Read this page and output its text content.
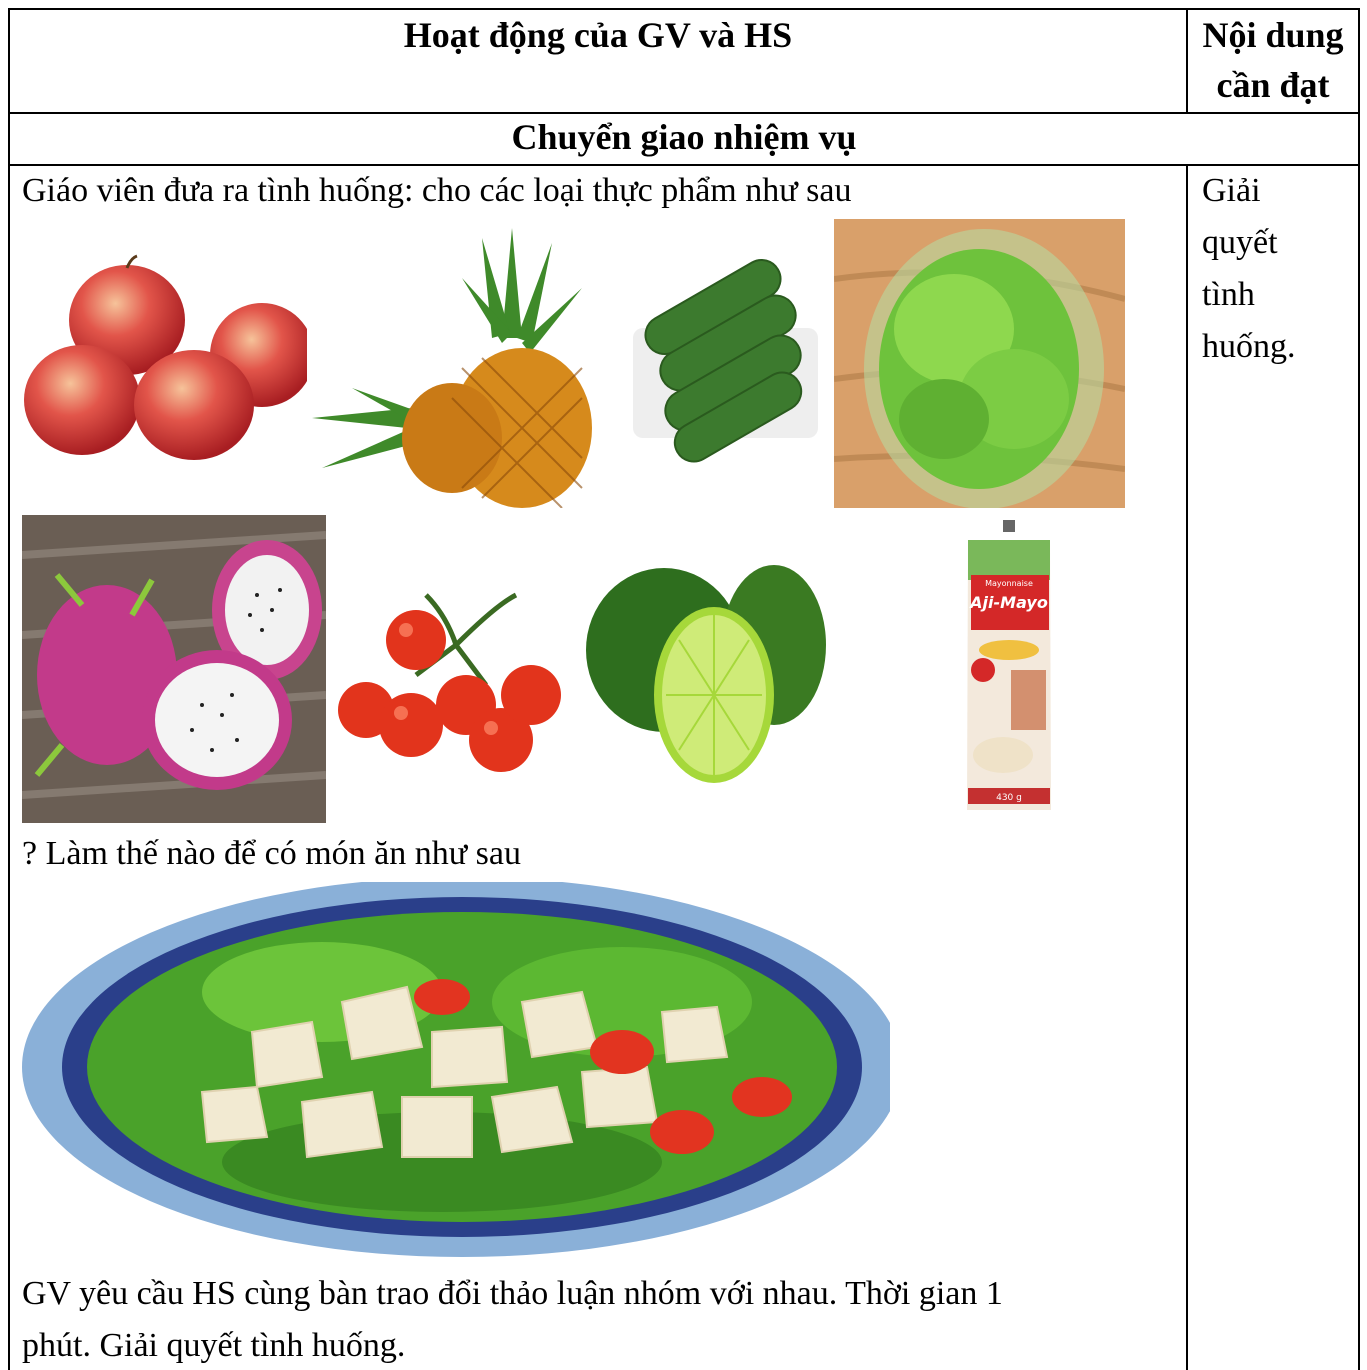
Hoạt động của GV và HS	Nội dung
cần đạt
Chuyển giao nhiệm vụ
Giáo viên đưa ra tình huống: cho các loại thực phẩm như sau	Giải
quyết
tình
huống.
Aji-Mayo
Mayonnaise
430 g
? Làm thế nào để có món ăn như sau
GV yêu cầu HS cùng bàn trao đổi thảo luận nhóm với nhau. Thời gian 1
phút. Giải quyết tình huống.
